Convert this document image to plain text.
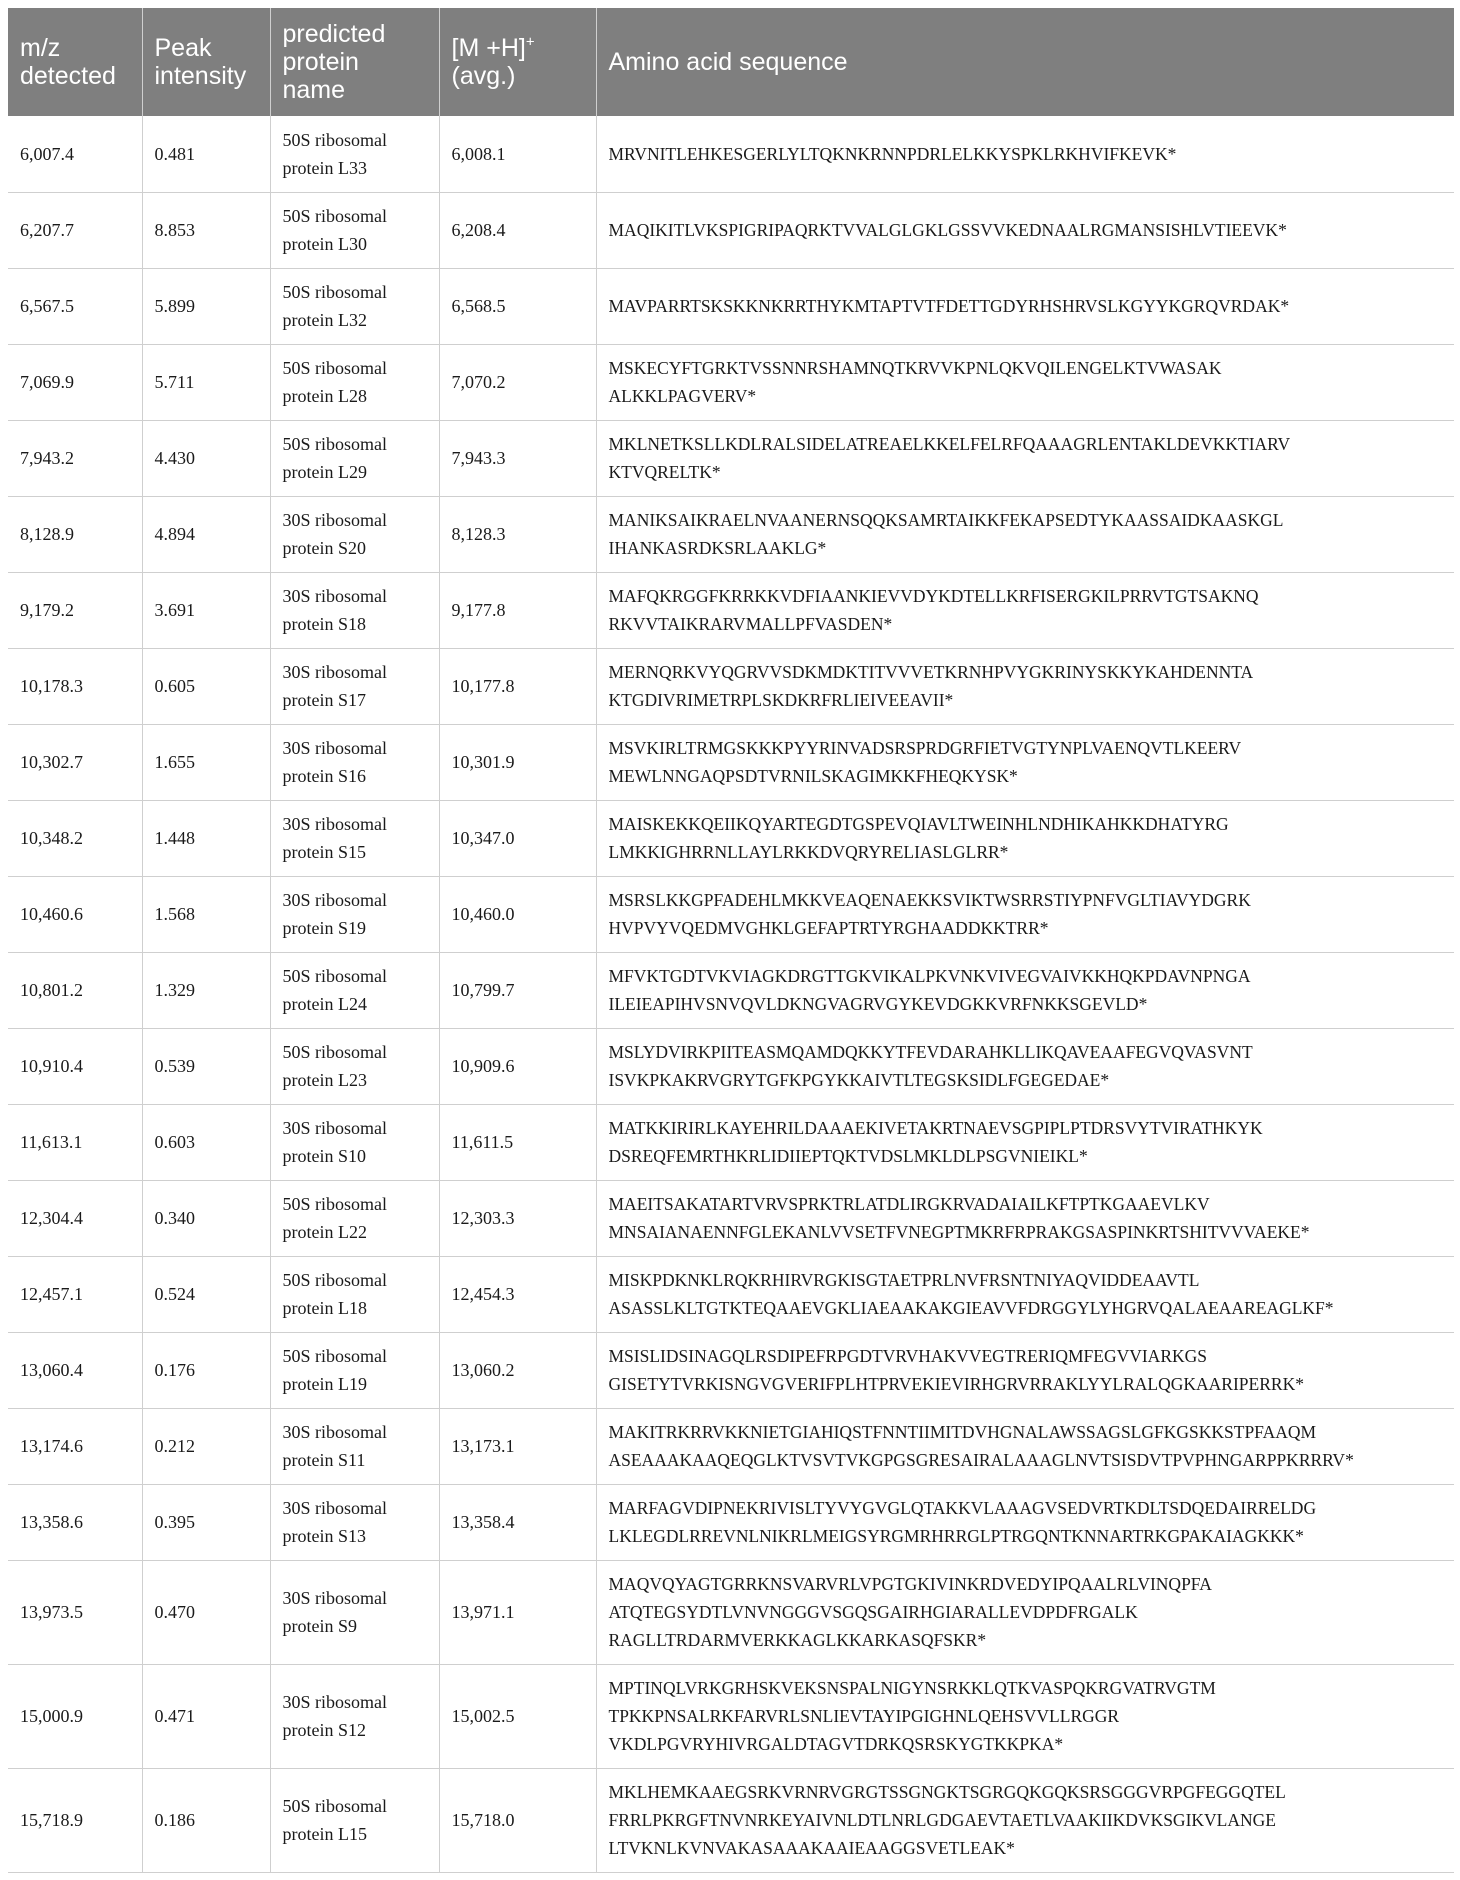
m/z detected	Peak intensity	predicted protein name	[M +H]+(avg.)	Amino acid sequence
6,007.4	0.481	50S ribosomal protein L33	6,008.1	MRVNITLEHKESGERLYLTQKNKRNNPDRLELKKYSPKLRKHVIFKEVK*

6,207.7	8.853	50S ribosomal protein L30	6,208.4	MAQIKITLVKSPIGRIPAQRKTVVALGLGKLGSSVVKEDNAALRGMANSISHLVTIEEVK*

6,567.5	5.899	50S ribosomal protein L32	6,568.5	MAVPARRTSKSKKNKRRTHYKMTAPTVTFDETTGDYRHSHRVSLKGYYKGRQVRDAK*

7,069.9	5.711	50S ribosomal protein L28	7,070.2	MSKECYFTGRKTVSSNNRSHAMNQTKRVVKPNLQKVQILENGELKTVWASAK
ALKKLPAGVERV*

7,943.2	4.430	50S ribosomal protein L29	7,943.3	MKLNETKSLLKDLRALSIDELATREAELKKELFELRFQAAAGRLENTAKLDEVKKTIARV
KTVQRELTK*

8,128.9	4.894	30S ribosomal protein S20	8,128.3	MANIKSAIKRAELNVAANERNSQQKSAMRTAIKKFEKAPSEDTYKAASSAIDKAASKGL
IHANKASRDKSRLAAKLG*

9,179.2	3.691	30S ribosomal protein S18	9,177.8	MAFQKRGGFKRRKKVDFIAANKIEVVDYKDTELLKRFISERGKILPRRVTGTSAKNQ
RKVVTAIKRARVMALLPFVASDEN*

10,178.3	0.605	30S ribosomal protein S17	10,177.8	MERNQRKVYQGRVVSDKMDKTITVVVETKRNHPVYGKRINYSKKYKAHDENNTA
KTGDIVRIMETRPLSKDKRFRLIEIVEEAVII*

10,302.7	1.655	30S ribosomal protein S16	10,301.9	MSVKIRLTRMGSKKKPYYRINVADSRSPRDGRFIETVGTYNPLVAENQVTLKEERV
MEWLNNGAQPSDTVRNILSKAGIMKKFHEQKYSK*

10,348.2	1.448	30S ribosomal protein S15	10,347.0	MAISKEKKQEIIKQYARTEGDTGSPEVQIAVLTWEINHLNDHIKAHKKDHATYRG
LMKKIGHRRNLLAYLRKKDVQRYRELIASLGLRR*

10,460.6	1.568	30S ribosomal protein S19	10,460.0	MSRSLKKGPFADEHLMKKVEAQENAEKKSVIKTWSRRSTIYPNFVGLTIAVYDGRK
HVPVYVQEDMVGHKLGEFAPTRTYRGHAADDKKTRR*

10,801.2	1.329	50S ribosomal protein L24	10,799.7	MFVKTGDTVKVIAGKDRGTTGKVIKALPKVNKVIVEGVAIVKKHQKPDAVNPNGA
ILEIEAPIHVSNVQVLDKNGVAGRVGYKEVDGKKVRFNKKSGEVLD*

10,910.4	0.539	50S ribosomal protein L23	10,909.6	MSLYDVIRKPIITEASMQAMDQKKYTFEVDARAHKLLIKQAVEAAFEGVQVASVNT
ISVKPKAKRVGRYTGFKPGYKKAIVTLTEGSKSIDLFGEGEDAE*

11,613.1	0.603	30S ribosomal protein S10	11,611.5	MATKKIRIRLKAYEHRILDAAAEKIVETAKRTNAEVSGPIPLPTDRSVYTVIRATHKYK
DSREQFEMRTHKRLIDIIEPTQKTVDSLMKLDLPSGVNIEIKL*

12,304.4	0.340	50S ribosomal protein L22	12,303.3	MAEITSAKATARTVRVSPRKTRLATDLIRGKRVADAIAILKFTPTKGAAEVLKV
MNSAIANAENNFGLEKANLVVSETFVNEGPTMKRFRPRAKGSASPINKRTSHITVVVAEKE*

12,457.1	0.524	50S ribosomal protein L18	12,454.3	MISKPDKNKLRQKRHIRVRGKISGTAETPRLNVFRSNTNIYAQVIDDEAAVTL
ASASSLKLTGTKTEQAAEVGKLIAEAAKAKGIEAVVFDRGGYLYHGRVQALAEAAREAGLKF*

13,060.4	0.176	50S ribosomal protein L19	13,060.2	MSISLIDSINAGQLRSDIPEFRPGDTVRVHAKVVEGTRERIQMFEGVVIARKGS
GISETYTVRKISNGVGVERIFPLHTPRVEKIEVIRHGRVRRAKLYYLRALQGKAARIPERRK*

13,174.6	0.212	30S ribosomal protein S11	13,173.1	MAKITRKRRVKKNIETGIAHIQSTFNNTIIMITDVHGNALAWSSAGSLGFKGSKKSTPFAAQM
ASEAAAKAAQEQGLKTVSVTVKGPGSGRESAIRALAAAGLNVTSISDVTPVPHNGARPPKRRRV*

13,358.6	0.395	30S ribosomal protein S13	13,358.4	MARFAGVDIPNEKRIVISLTYVYGVGLQTAKKVLAAAGVSEDVRTKDLTSDQEDAIRRELDG
LKLEGDLRREVNLNIKRLMEIGSYRGMRHRRGLPTRGQNTKNNARTRKGPAKAIAGKKK*

13,973.5	0.470	30S ribosomal protein S9	13,971.1	MAQVQYAGTGRRKNSVARVRLVPGTGKIVINKRDVEDYIPQAALRLVINQPFA
ATQTEGSYDTLVNVNGGGVSGQSGAIRHGIARALLEVDPDFRGALK
RAGLLTRDARMVERKKAGLKKARKASQFSKR*

15,000.9	0.471	30S ribosomal protein S12	15,002.5	MPTINQLVRKGRHSKVEKSNSPALNIGYNSRKKLQTKVASPQKRGVATRVGTM
TPKKPNSALRKFARVRLSNLIEVTAYIPGIGHNLQEHSVVLLRGGR
VKDLPGVRYHIVRGALDTAGVTDRKQSRSKYGTKKPKA*

15,718.9	0.186	50S ribosomal protein L15	15,718.0	MKLHEMKAAEGSRKVRNRVGRGTSSGNGKTSGRGQKGQKSRSGGGVRPGFEGGQTEL
FRRLPKRGFTNVNRKEYAIVNLDTLNRLGDGAEVTAETLVAAKIIKDVKSGIKVLANGE
LTVKNLKVNVAKASAAAKAAIEAAGGSVETLEAK*
